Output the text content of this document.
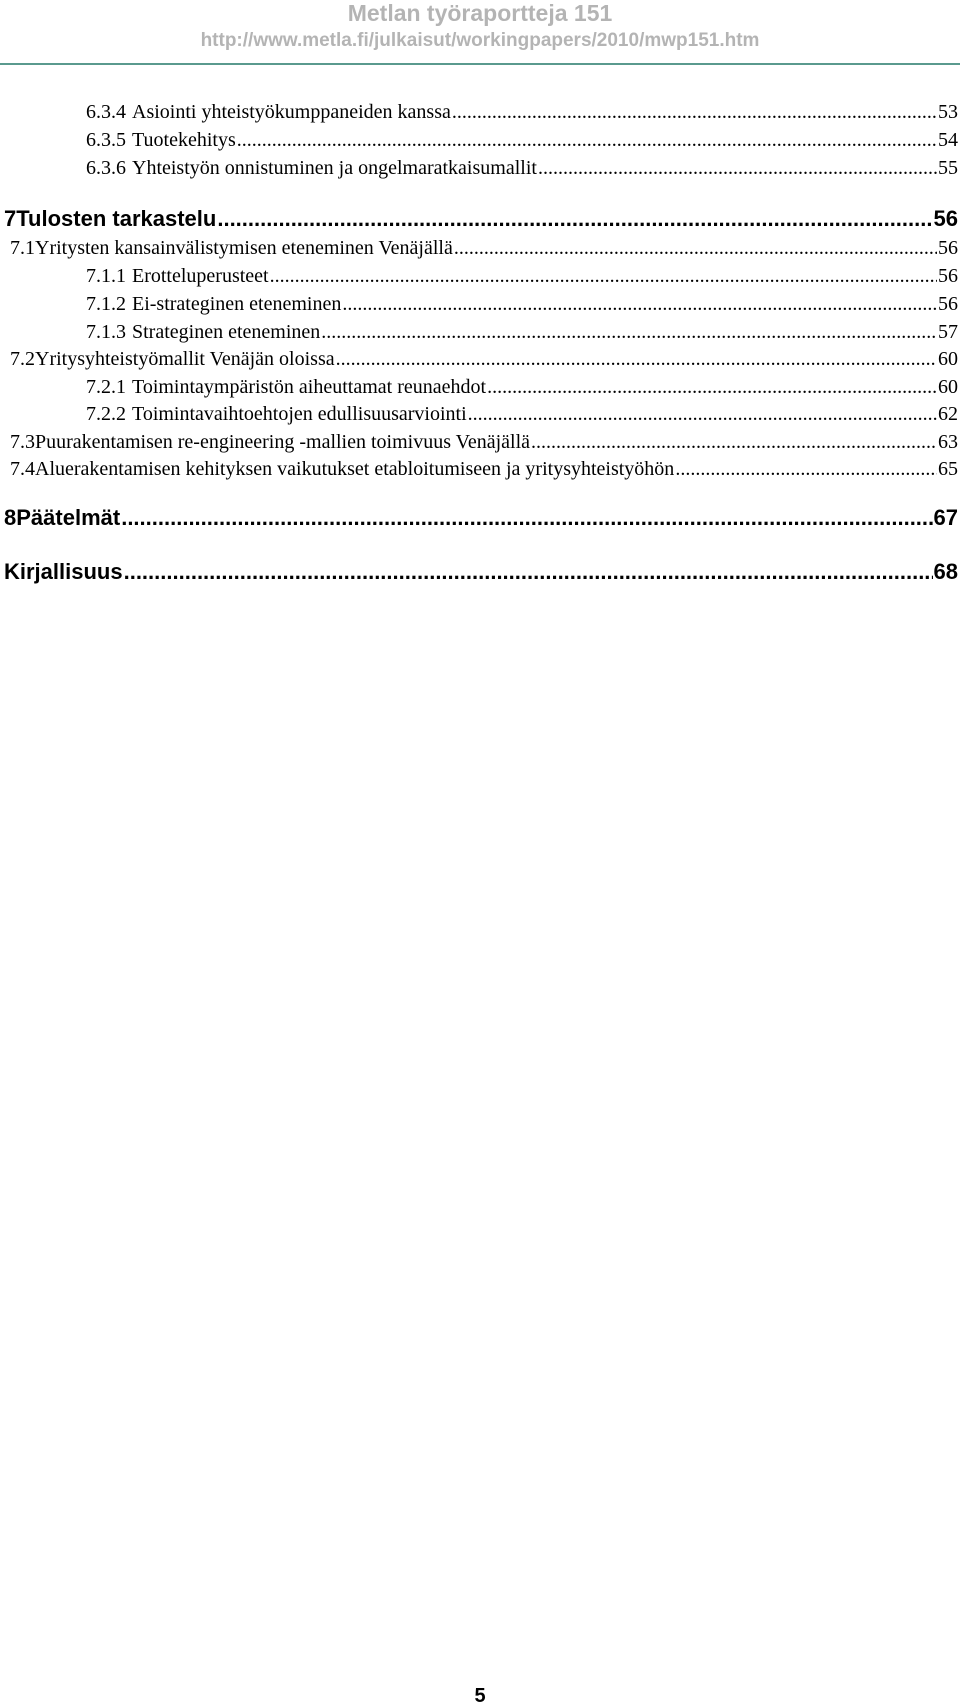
Metlan työraportteja 151
http://www.metla.fi/julkaisut/workingpapers/2010/mwp151.htm
6.3.4 Asiointi yhteistyökumppaneiden kanssa .....	53
6.3.5 Tuotekehitys .....	54
6.3.6 Yhteistyön onnistuminen ja ongelmaratkaisumallit .....	55
7 Tulosten tarkastelu .....	56
7.1 Yritysten kansainvälistymisen eteneminen Venäjällä .....	56
7.1.1 Erotteluperusteet .....	56
7.1.2 Ei-strateginen eteneminen .....	56
7.1.3 Strateginen eteneminen .....	57
7.2 Yritysyhteistyömallit Venäjän oloissa .....	60
7.2.1 Toimintaympäristön aiheuttamat reunaehdot .....	60
7.2.2 Toimintavaihtoehtojen edullisuusarviointi .....	62
7.3 Puurakentamisen re-engineering -mallien toimivuus Venäjällä .....	63
7.4 Aluerakentamisen kehityksen vaikutukset etabloitumiseen ja yritysyhteistyöhön .....	65
8 Päätelmät .....	67
Kirjallisuus .....	68
5
